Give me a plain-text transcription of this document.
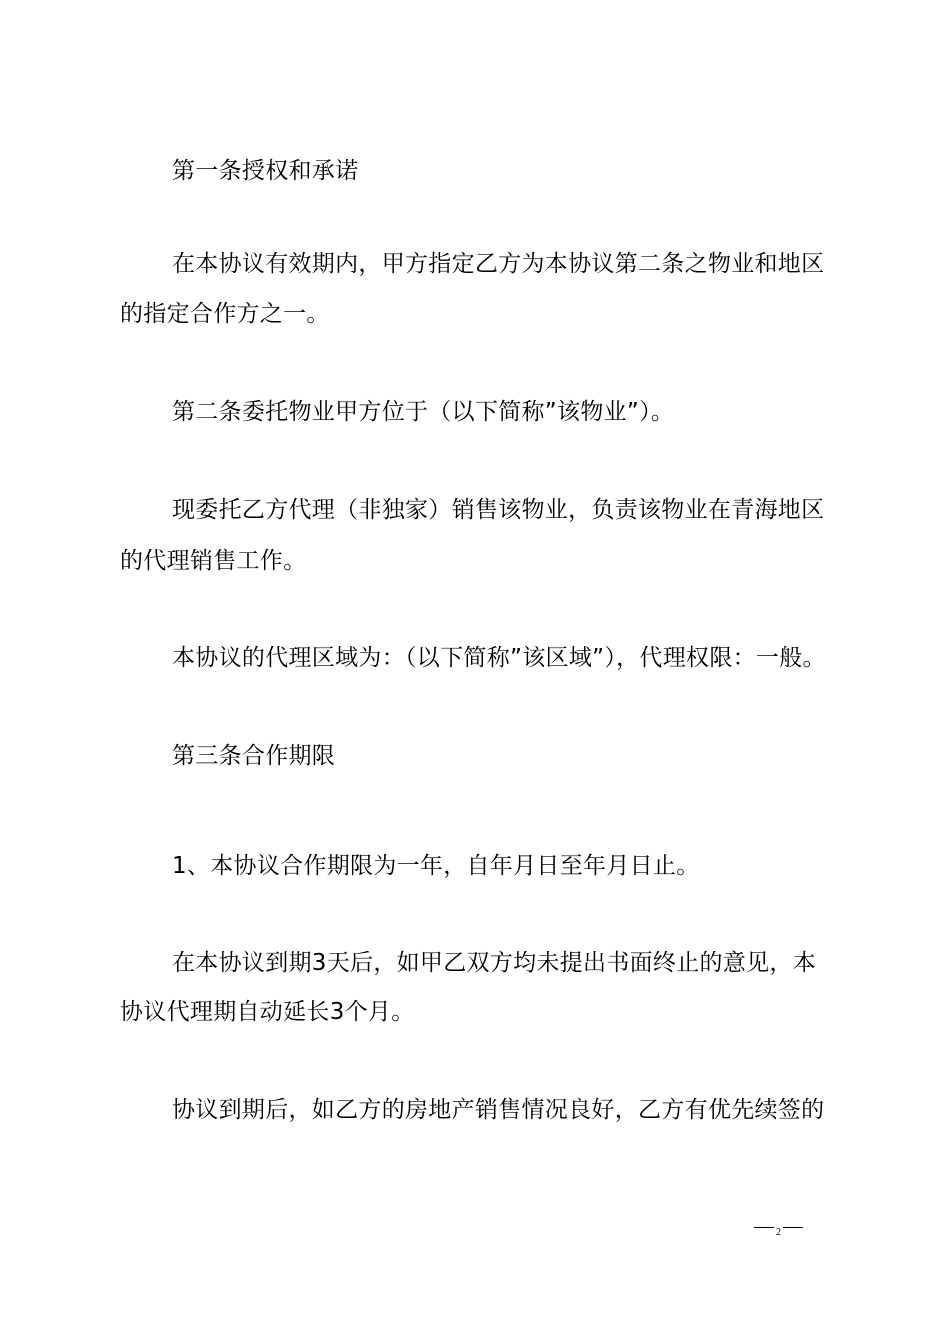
第一条授权和承诺
在本协议有效期内，甲方指定乙方为本协议第二条之物业和地区
的指定合作方之一。
第二条委托物业甲方位于（以下简称”该物业”）。
现委托乙方代理（非独家）销售该物业，负责该物业在青海地区
的代理销售工作。
本协议的代理区域为：（以下简称”该区域”），代理权限：一般。
第三条合作期限
1、本协议合作期限为一年，自年月日至年月日止。
在本协议到期3天后，如甲乙双方均未提出书面终止的意见，本
协议代理期自动延长3个月。
协议到期后，如乙方的房地产销售情况良好，乙方有优先续签的
$_2$
